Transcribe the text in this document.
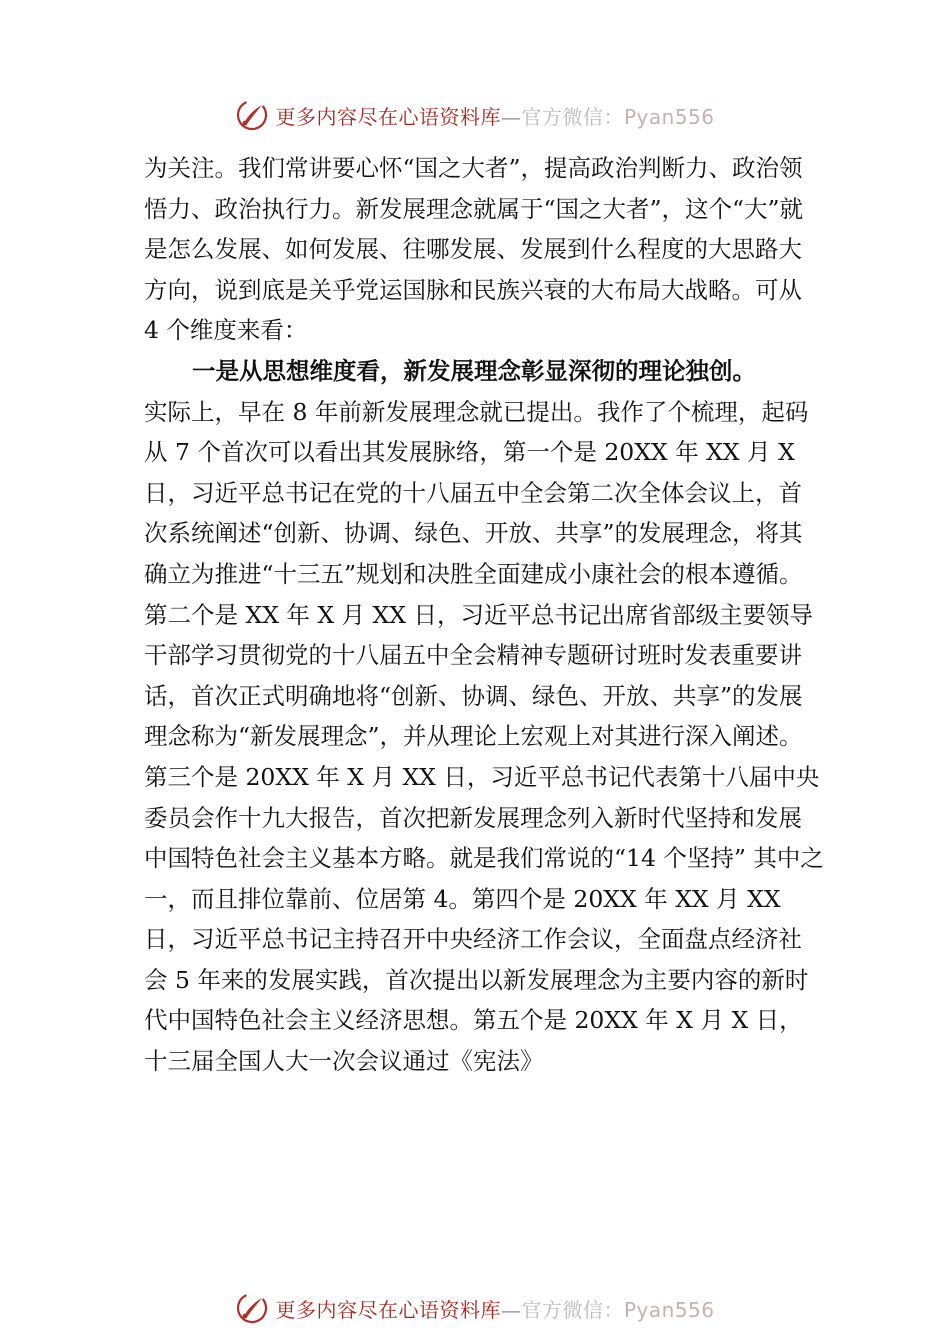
更多内容尽在心语资料库—官方微信：Pyan556

为关注。我们常讲要心怀“国之大者”，提高政治判断力、政治领悟力、政治执行力。新发展理念就属于“国之大者”，这个“大”就是怎么发展、如何发展、往哪发展、发展到什么程度的大思路大方向，说到底是关乎党运国脉和民族兴衰的大布局大战略。可从 4 个维度来看：

一是从思想维度看，新发展理念彰显深彻的理论独创。

实际上，早在 8 年前新发展理念就已提出。我作了个梳理，起码从 7 个首次可以看出其发展脉络，第一个是 20XX 年 XX 月 X 日，习近平总书记在党的十八届五中全会第二次全体会议上，首次系统阐述“创新、协调、绿色、开放、共享”的发展理念，将其确立为推进“十三五”规划和决胜全面建成小康社会的根本遵循。第二个是 XX 年 X 月 XX 日，习近平总书记出席省部级主要领导干部学习贯彻党的十八届五中全会精神专题研讨班时发表重要讲话，首次正式明确地将“创新、协调、绿色、开放、共享”的发展理念称为“新发展理念”，并从理论上宏观上对其进行深入阐述。第三个是 20XX 年 X 月 XX 日，习近平总书记代表第十八届中央委员会作十九大报告，首次把新发展理念列入新时代坚持和发展中国特色社会主义基本方略。就是我们常说的“14 个坚持” 其中之一，而且排位靠前、位居第 4。第四个是 20XX 年 XX 月 XX 日，习近平总书记主持召开中央经济工作会议，全面盘点经济社会 5 年来的发展实践，首次提出以新发展理念为主要内容的新时代中国特色社会主义经济思想。第五个是 20XX 年 X 月 X 日，十三届全国人大一次会议通过《宪法》

更多内容尽在心语资料库—官方微信：Pyan556
